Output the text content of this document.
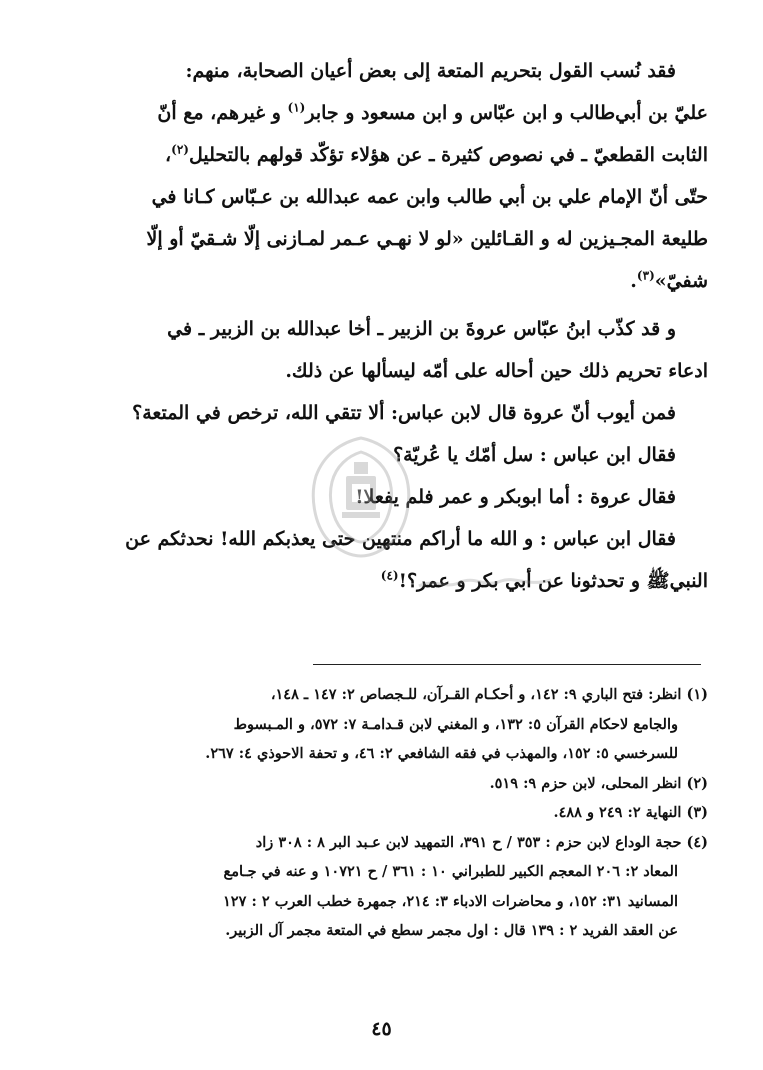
فقد نُسب القول بتحريم المتعة إلى بعض أعيان الصحابة، منهم:
عليّ بن أبي‌طالب و ابن عبّاس و ابن مسعود و جابر$^{(١)}$ و غيرهم، مع أنّ
الثابت القطعيّ ـ في نصوص كثيرة ـ عن هؤلاء تؤكّد قولهم بالتحليل$^{(٢)}$،
حتّى أنّ الإمام علي بن أبي طالب وابن عمه عبدالله بن عـبّاس كـانا في
طليعة المجـيزين له و القـائلين «لو لا نهـي عـمر لمـازنى إلّا شـقيّ أو إلّا
شفيّ»$^{(٣)}$.

و قد كذّب ابنُ عبّاس عروةَ بن الزبير ـ أخا عبدالله بن الزبير ـ في
ادعاء تحريم ذلك حين أحاله على أمّه ليسألها عن ذلك.

فمن أيوب أنّ عروة قال لابن عباس: ألا تتقي الله، ترخص في المتعة؟

فقال ابن عباس : سل أمّك يا عُريّة؟

فقال عروة : أما ابوبكر و عمر فلم يفعلا!

فقال ابن عباس : و الله ما أراكم منتهين حتى يعذبكم الله! نحدثكم عن
النبيﷺ و تحدثونا عن أبي بكر و عمر؟!$^{(٤)}$

(١) انظر: فتح الباري ٩: ١٤٢، و أحكـام القـرآن، للـجصاص ٢: ١٤٧ ـ ١٤٨،
والجامع لاحكام القرآن ٥: ١٣٢، و المغني لابن قـدامـة ٧: ٥٧٢، و المـبسوط
للسرخسي ٥: ١٥٢، والمهذب في فقه الشافعي ٢: ٤٦، و تحفة الاحوذي ٤: ٢٦٧.
(٢) انظر المحلى، لابن حزم ٩: ٥١٩.
(٣) النهاية ٢: ٢٤٩ و ٤٨٨.
(٤) حجة الوداع لابن حزم : ٣٥٣ / ح ٣٩١، التمهيد لابن عـبد البر ٨ : ٣٠٨ زاد
المعاد ٢: ٢٠٦ المعجم الكبير للطبراني ١٠ : ٣٦١ / ح ١٠٧٢١ و عنه في جـامع
المسانيد ٣١: ١٥٢، و محاضرات الادباء ٣: ٢١٤، جمهرة خطب العرب ٢ : ١٢٧
عن العقد الفريد ٢ : ١٣٩ قال : اول مجمر سطع في المتعة مجمر آل الزبير.
٤٥
